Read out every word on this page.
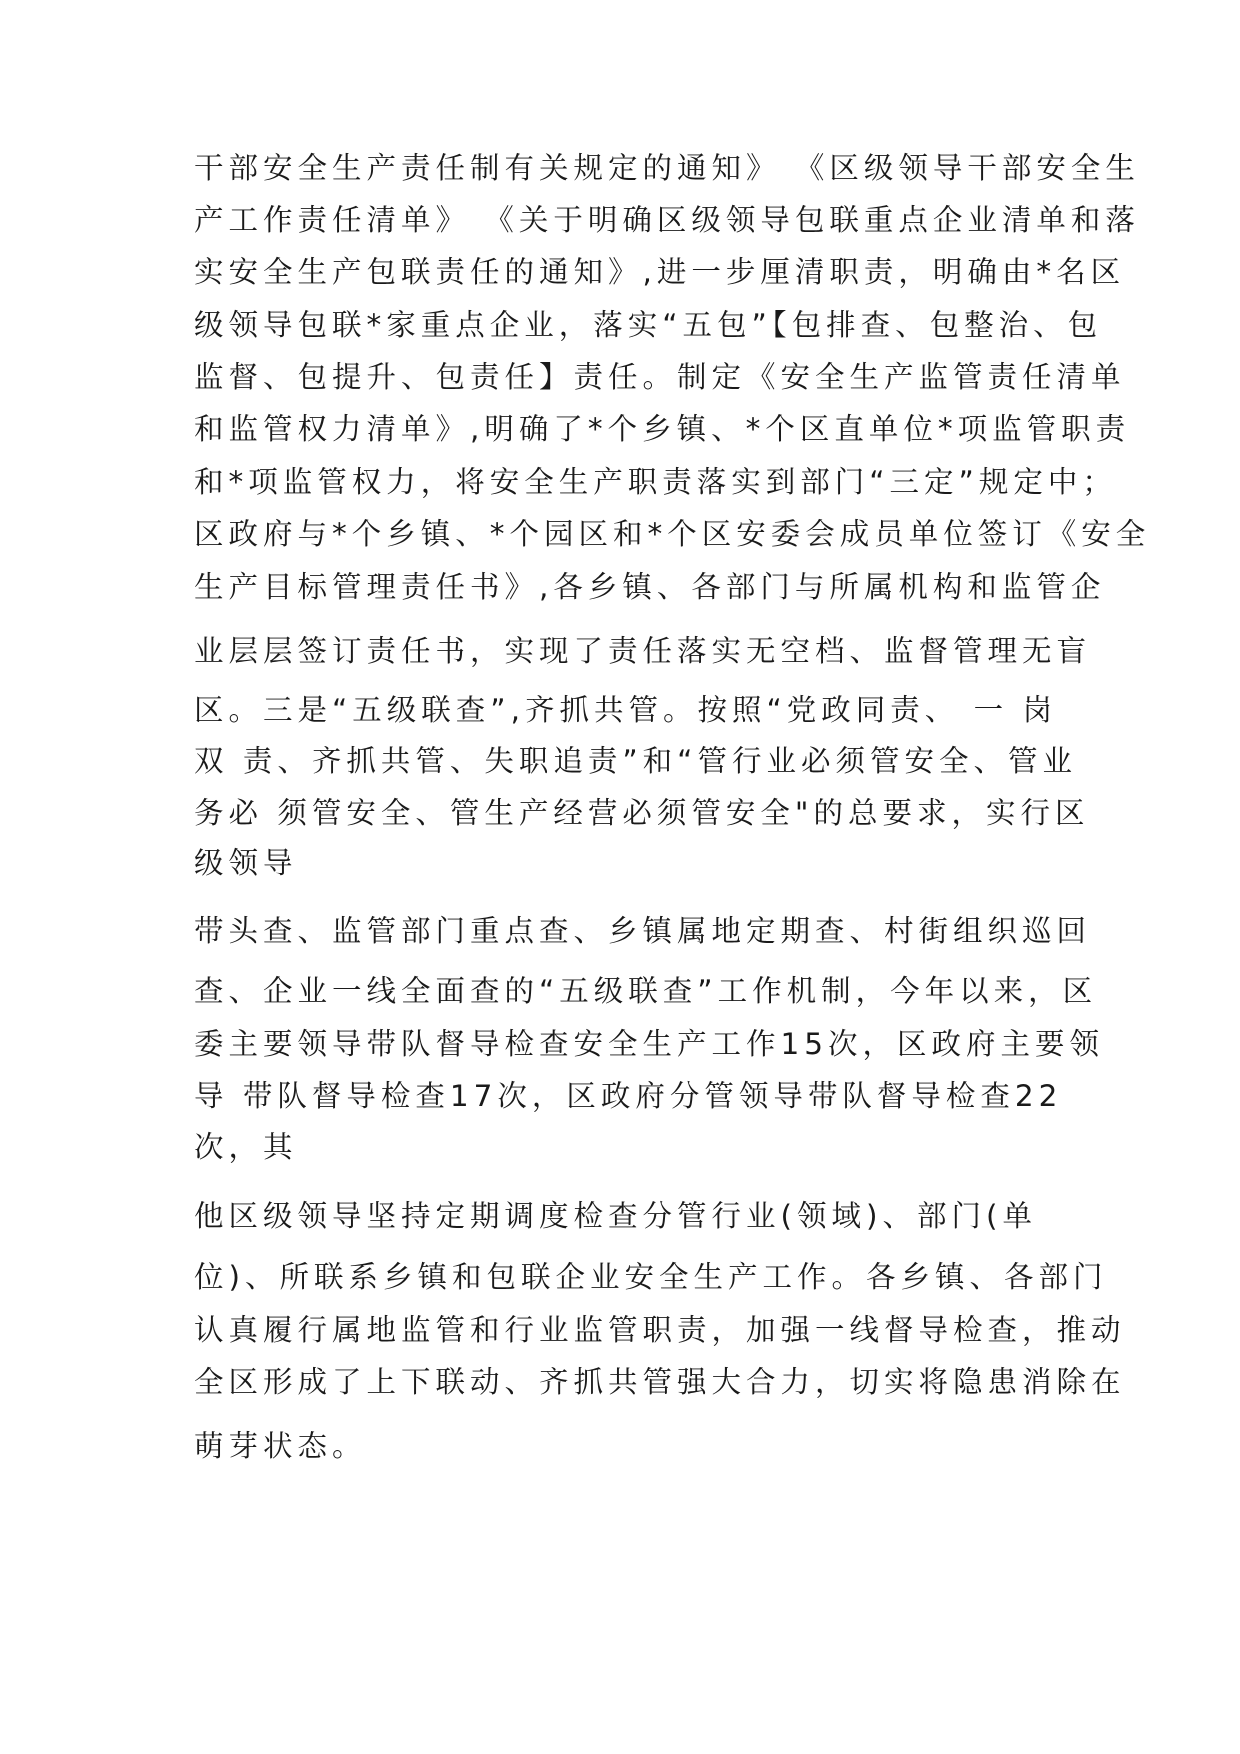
干部安全生产责任制有关规定的通知》 《区级领导干部安全生

产工作责任清单》 《关于明确区级领导包联重点企业清单和落

实安全生产包联责任的通知》,进一步厘清职责，明确由*名区

级领导包联*家重点企业，落实“五包”【包排查、包整治、包

监督、包提升、包责任】责任。制定《安全生产监管责任清单

和监管权力清单》,明确了*个乡镇、*个区直单位*项监管职责

和*项监管权力，将安全生产职责落实到部门“三定”规定中；

区政府与*个乡镇、*个园区和*个区安委会成员单位签订《安全

生产目标管理责任书》,各乡镇、各部门与所属机构和监管企

业层层签订责任书，实现了责任落实无空档、监督管理无盲

区。三是“五级联查”,齐抓共管。按照“党政同责、 一 岗

双 责、齐抓共管、失职追责”和“管行业必须管安全、管业

务必 须管安全、管生产经营必须管安全"的总要求，实行区

级领导

带头查、监管部门重点查、乡镇属地定期查、村街组织巡回

查、企业一线全面查的“五级联查”工作机制，今年以来，区

委主要领导带队督导检查安全生产工作15次，区政府主要领

导 带队督导检查17次，区政府分管领导带队督导检查22

次，其

他区级领导坚持定期调度检查分管行业(领域)、部门(单

位)、所联系乡镇和包联企业安全生产工作。各乡镇、各部门

认真履行属地监管和行业监管职责，加强一线督导检查，推动

全区形成了上下联动、齐抓共管强大合力，切实将隐患消除在

萌芽状态。
